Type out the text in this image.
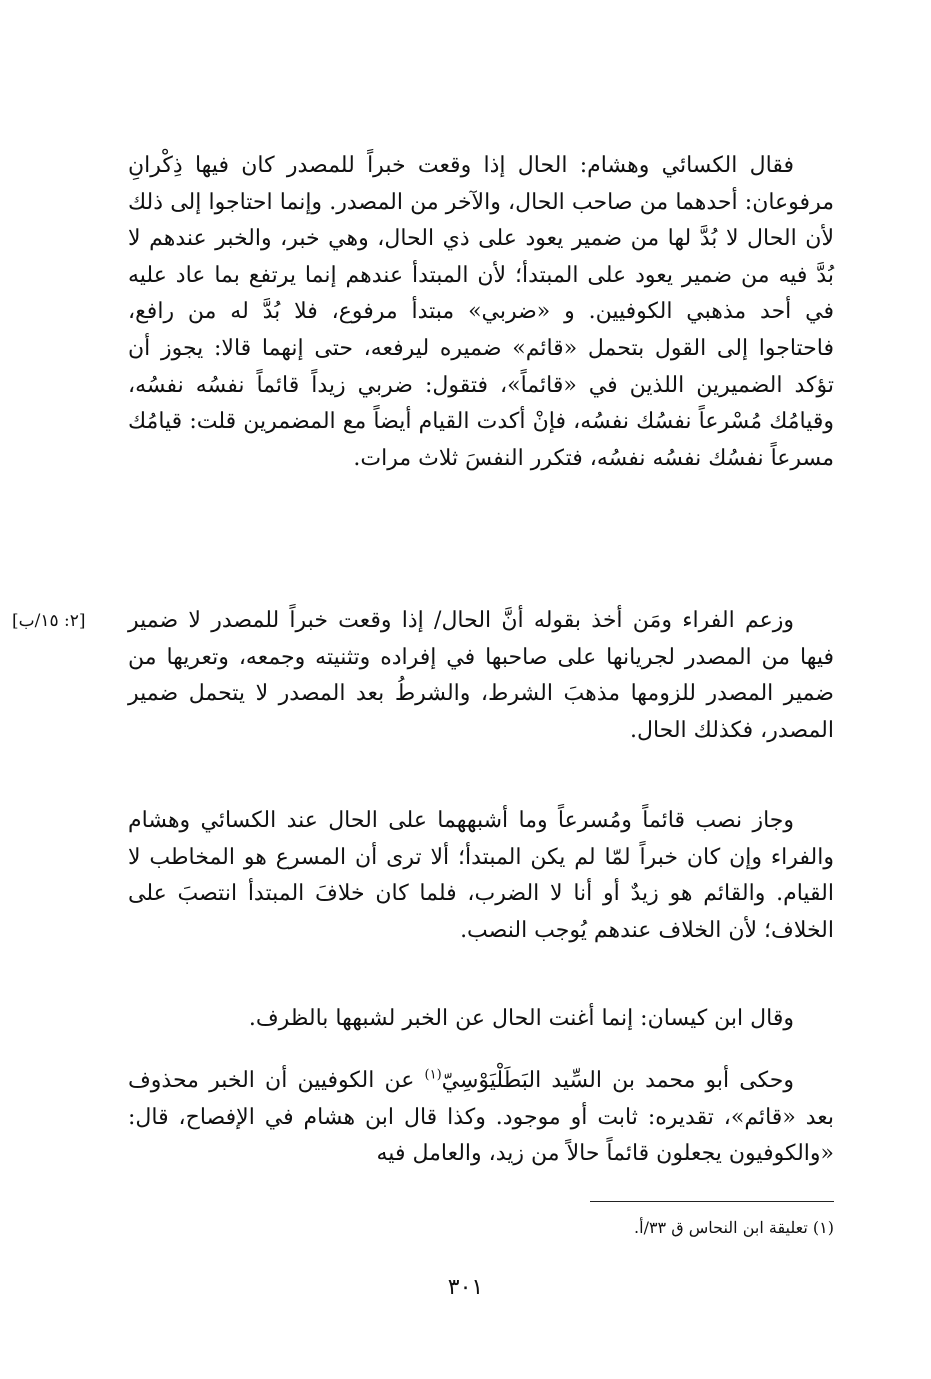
فقال الكسائي وهشام: الحال إذا وقعت خبراً للمصدر كان فيها ذِكْرانِ مرفوعان: أحدهما من صاحب الحال، والآخر من المصدر. وإنما احتاجوا إلى ذلك لأن الحال لا بُدَّ لها من ضمير يعود على ذي الحال، وهي خبر، والخبر عندهم لا بُدَّ فيه من ضمير يعود على المبتدأ؛ لأن المبتدأ عندهم إنما يرتفع بما عاد عليه في أحد مذهبي الكوفيين. و «ضربي» مبتدأ مرفوع، فلا بُدَّ له من رافع، فاحتاجوا إلى القول بتحمل «قائم» ضميره ليرفعه، حتى إنهما قالا: يجوز أن تؤكد الضميرين اللذين في «قائماً»، فتقول: ضربي زيداً قائماً نفسُه نفسُه، وقيامُك مُسْرعاً نفسُك نفسُه، فإنْ أكدت القيام أيضاً مع المضمرين قلت: قيامُك مسرعاً نفسُك نفسُه نفسُه، فتكرر النفسَ ثلاث مرات.

[٢: ١٥/ب]	وزعم الفراء ومَن أخذ بقوله أنَّ الحال/ إذا وقعت خبراً للمصدر لا ضمير فيها من المصدر لجريانها على صاحبها في إفراده وتثنيته وجمعه، وتعريها من ضمير المصدر للزومها مذهبَ الشرط، والشرطُ بعد المصدر لا يتحمل ضمير المصدر، فكذلك الحال.

وجاز نصب قائماً ومُسرعاً وما أشبههما على الحال عند الكسائي وهشام والفراء وإن كان خبراً لمّا لم يكن المبتدأ؛ ألا ترى أن المسرع هو المخاطب لا القيام. والقائم هو زيدٌ أو أنا لا الضرب، فلما كان خلافَ المبتدأ انتصبَ على الخلاف؛ لأن الخلاف عندهم يُوجب النصب.

وقال ابن كيسان: إنما أغنت الحال عن الخبر لشبهها بالظرف.

وحكى أبو محمد بن السِّيد البَطَلْيَوْسِيّ$^{(١)}$ عن الكوفيين أن الخبر محذوف بعد «قائم»، تقديره: ثابت أو موجود. وكذا قال ابن هشام في الإفصاح، قال: «والكوفيون يجعلون قائماً حالاً من زيد، والعامل فيه

(١) تعليقة ابن النحاس ق ٣٣/أ.
٣٠١
